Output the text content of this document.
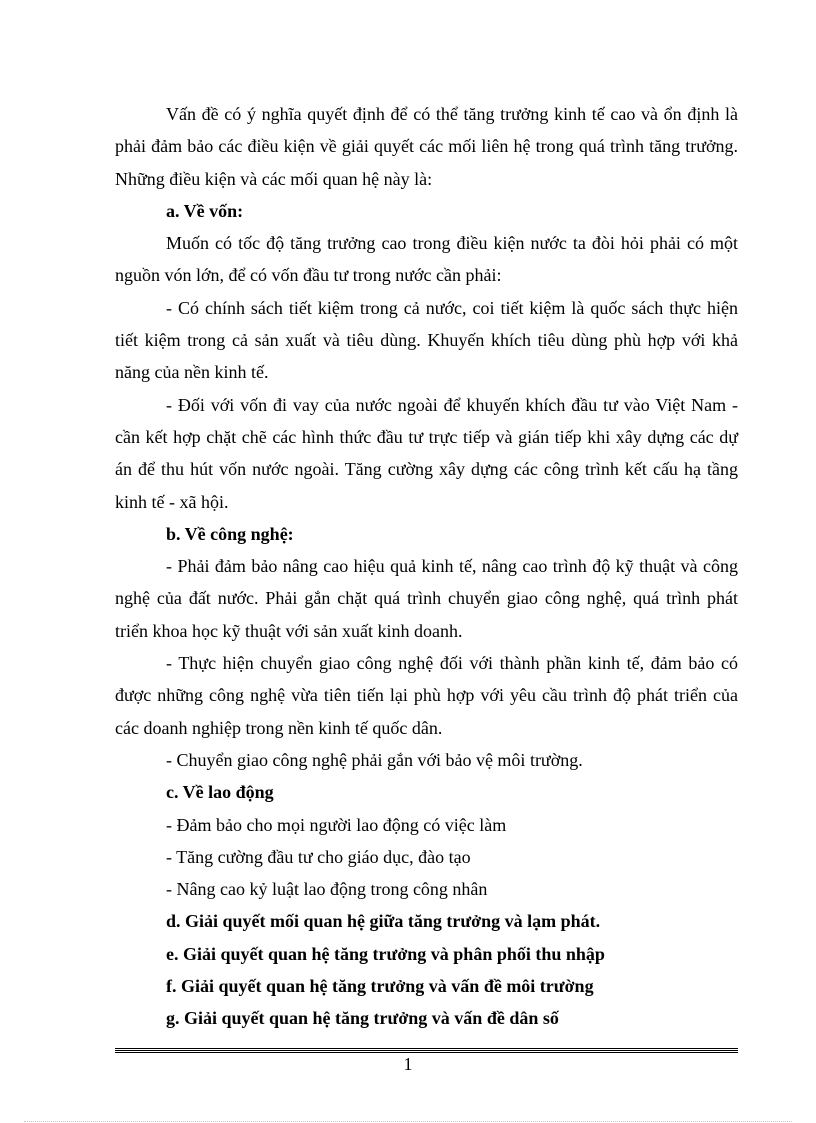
Vấn đề có ý nghĩa quyết định để có thể tăng trưởng kinh tế cao và ổn định là phải đảm bảo các điều kiện về giải quyết các mối liên hệ trong quá trình tăng trưởng. Những điều kiện và các mối quan hệ này là:

a. Về vốn:

Muốn có tốc độ tăng trưởng cao trong điều kiện nước ta đòi hỏi phải có một nguồn vón lớn, để có vốn đầu tư trong nước cần phải:

- Có chính sách tiết kiệm trong cả nước, coi tiết kiệm là quốc sách thực hiện tiết kiệm trong cả sản xuất và tiêu dùng. Khuyến khích tiêu dùng phù hợp với khả năng của nền kinh tế.

- Đối với vốn đi vay của nước ngoài để khuyến khích đầu tư vào Việt Nam - cần kết hợp chặt chẽ các hình thức đầu tư trực tiếp và gián tiếp khi xây dựng các dự án để thu hút vốn nước ngoài. Tăng cường xây dựng các công trình kết cấu hạ tầng kinh tế - xã hội.

b. Về công nghệ:

- Phải đảm bảo nâng cao hiệu quả kinh tế, nâng cao trình độ kỹ thuật và công nghệ của đất nước. Phải gắn chặt quá trình chuyển giao công nghệ, quá trình phát triển khoa học kỹ thuật với sản xuất kinh doanh.

- Thực hiện chuyển giao công nghệ đối với thành phần kinh tế, đảm bảo có được những công nghệ vừa tiên tiến lại phù hợp với yêu cầu trình độ phát triển của các doanh nghiệp trong nền kinh tế quốc dân.

- Chuyển giao công nghệ phải gắn với bảo vệ môi trường.

c. Về lao động

- Đảm bảo cho mọi người lao động có việc làm

- Tăng cường đầu tư cho giáo dục, đào tạo

- Nâng cao kỷ luật lao động trong công nhân

d. Giải quyết mối quan hệ giữa tăng trưởng và lạm phát.

e. Giải quyết quan hệ tăng trưởng và phân phối thu nhập

f. Giải quyết quan hệ tăng trưởng và vấn đề môi trường

g. Giải quyết quan hệ tăng trưởng và vấn đề dân số

1
